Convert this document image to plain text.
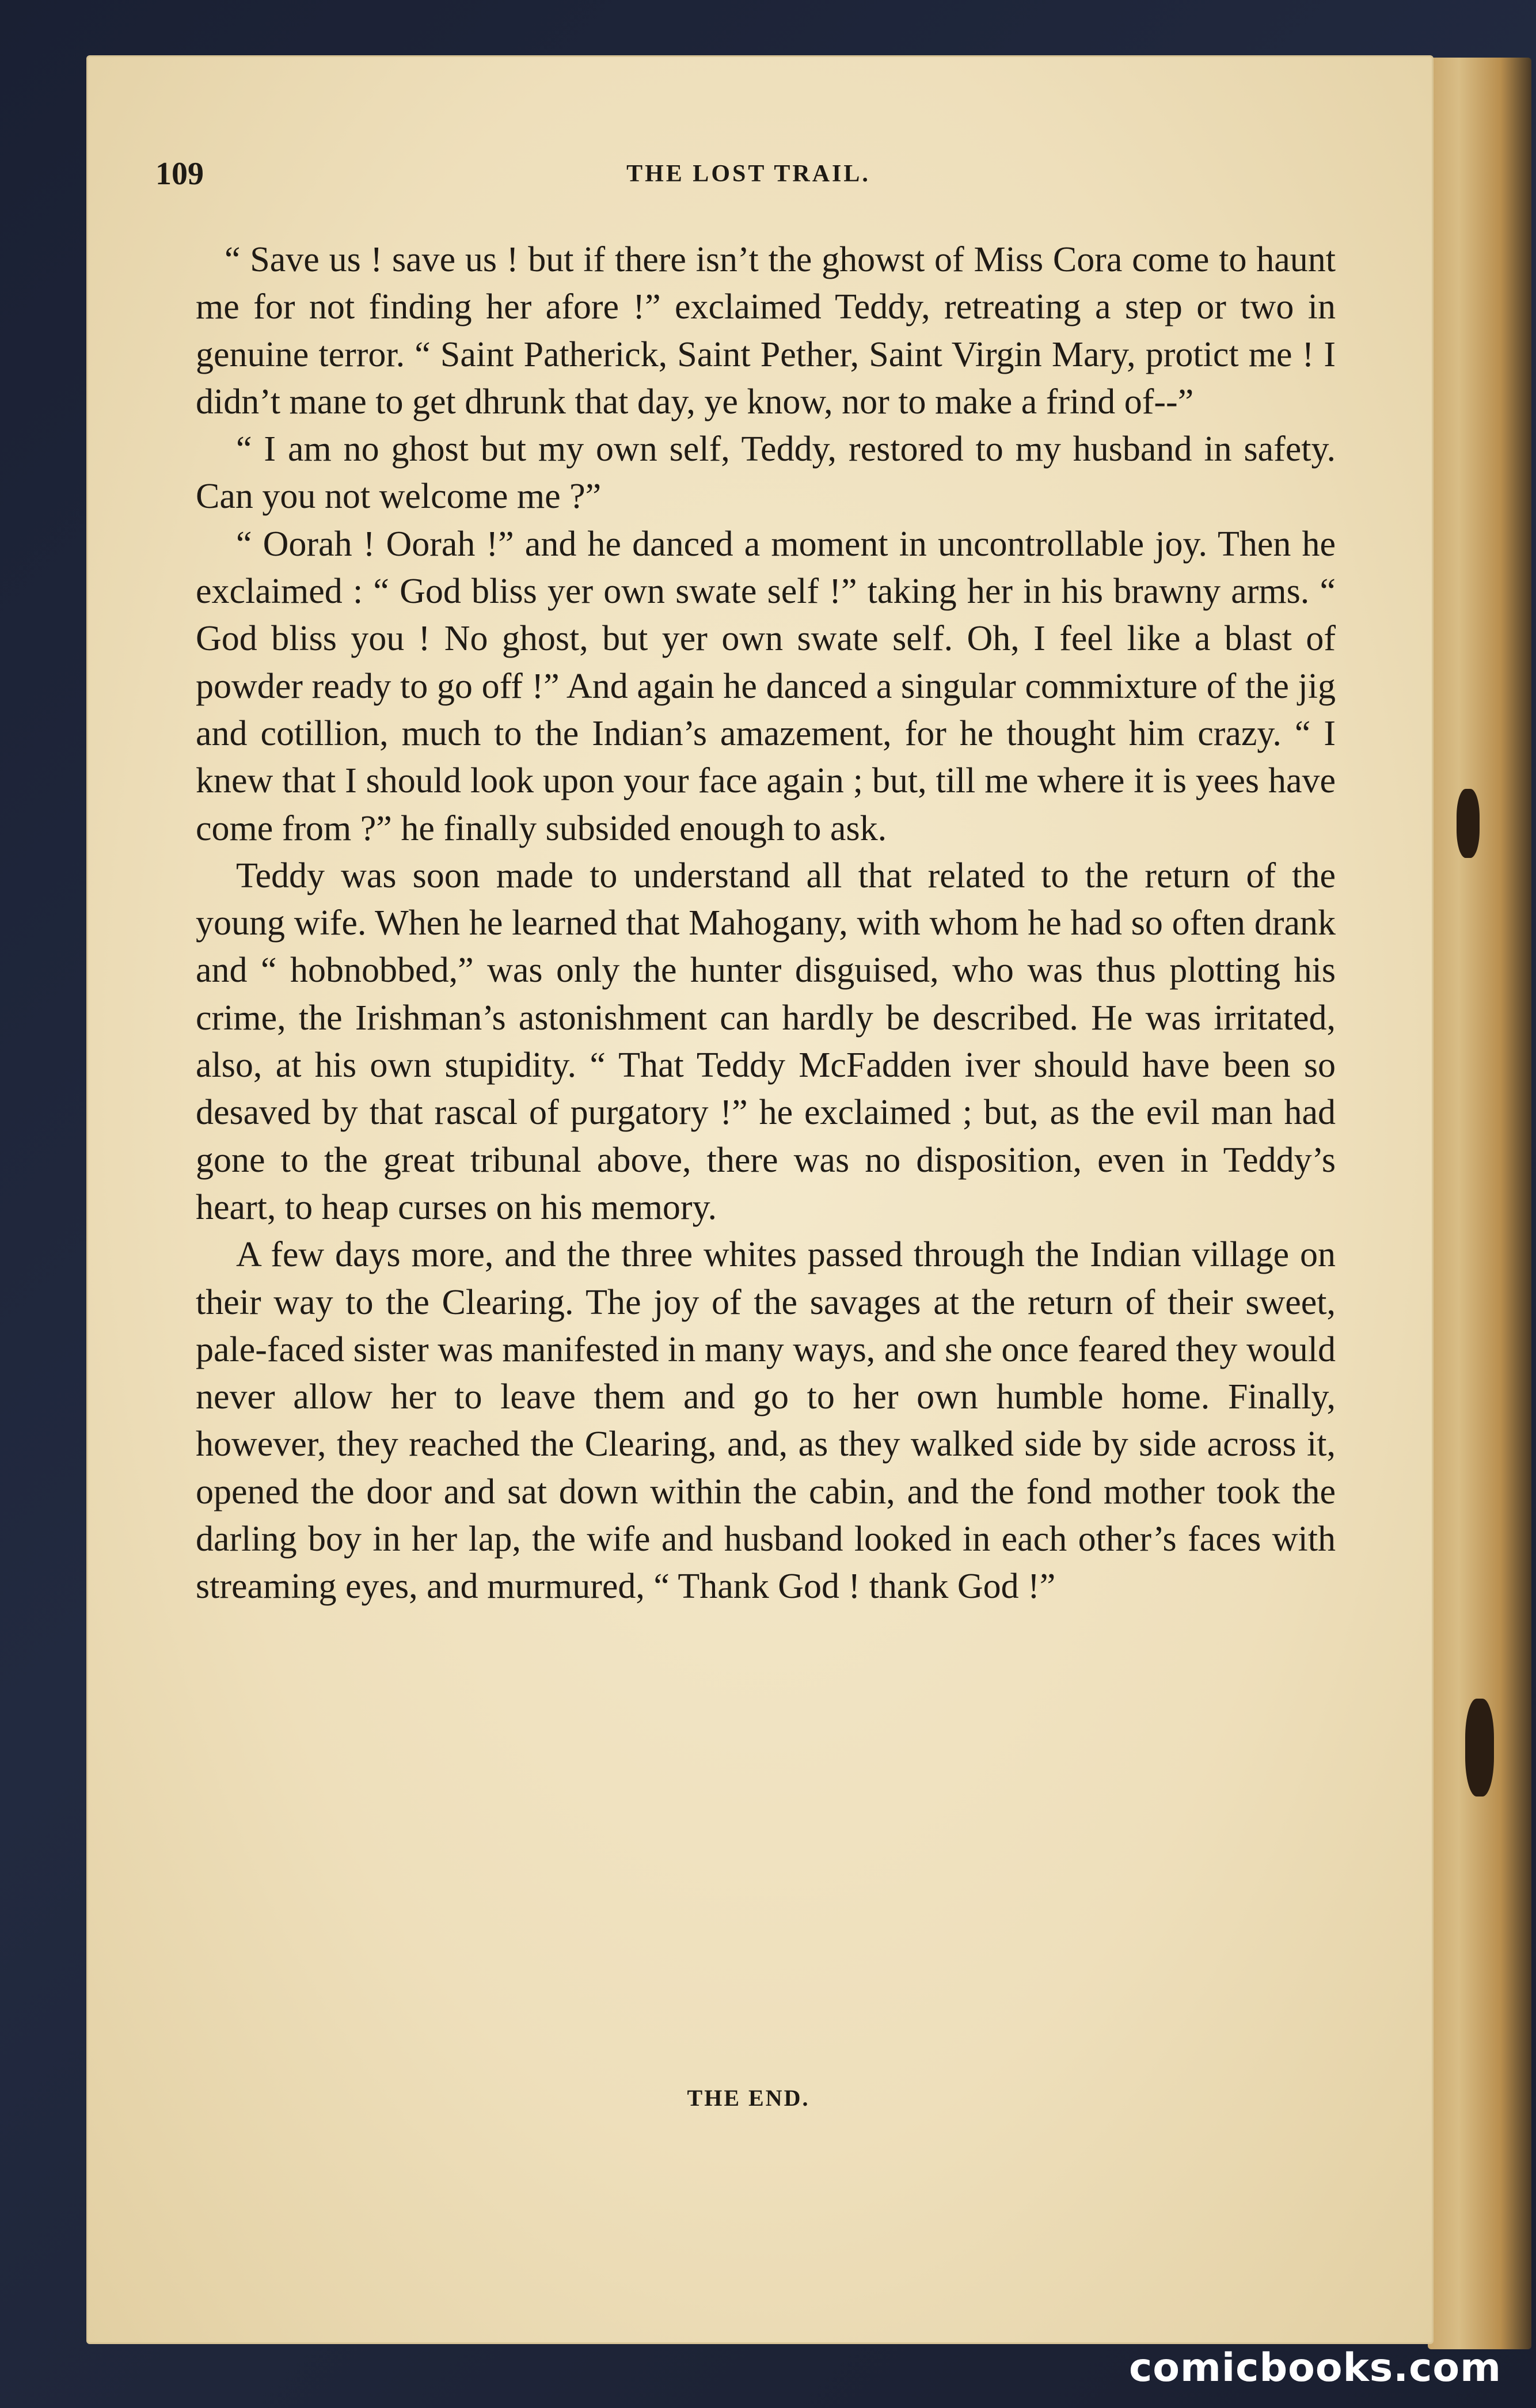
109	THE LOST TRAIL.

“ Save us ! save us ! but if there isn’t the ghowst of Miss Cora come to haunt me for not finding her afore !” exclaimed Teddy, retreating a step or two in genuine terror. “ Saint Patherick, Saint Pether, Saint Virgin Mary, protict me ! I didn’t mane to get dhrunk that day, ye know, nor to make a frind of--”

“ I am no ghost but my own self, Teddy, restored to my husband in safety. Can you not welcome me ?”

“ Oorah ! Oorah !” and he danced a moment in uncontrollable joy. Then he exclaimed : “ God bliss yer own swate self !” taking her in his brawny arms. “ God bliss you ! No ghost, but yer own swate self. Oh, I feel like a blast of powder ready to go off !” And again he danced a singular commixture of the jig and cotillion, much to the Indian’s amazement, for he thought him crazy. “ I knew that I should look upon your face again ; but, till me where it is yees have come from ?” he finally subsided enough to ask.

Teddy was soon made to understand all that related to the return of the young wife. When he learned that Mahogany, with whom he had so often drank and “ hobnobbed,” was only the hunter disguised, who was thus plotting his crime, the Irishman’s astonishment can hardly be described. He was irritated, also, at his own stupidity. “ That Teddy McFadden iver should have been so desaved by that rascal of purgatory !” he exclaimed ; but, as the evil man had gone to the great tribunal above, there was no disposition, even in Teddy’s heart, to heap curses on his memory.

A few days more, and the three whites passed through the Indian village on their way to the Clearing. The joy of the savages at the return of their sweet, pale-faced sister was manifested in many ways, and she once feared they would never allow her to leave them and go to her own humble home. Finally, however, they reached the Clearing, and, as they walked side by side across it, opened the door and sat down within the cabin, and the fond mother took the darling boy in her lap, the wife and husband looked in each other’s faces with streaming eyes, and murmured, “ Thank God ! thank God !”

THE END.
comicbooks.com
